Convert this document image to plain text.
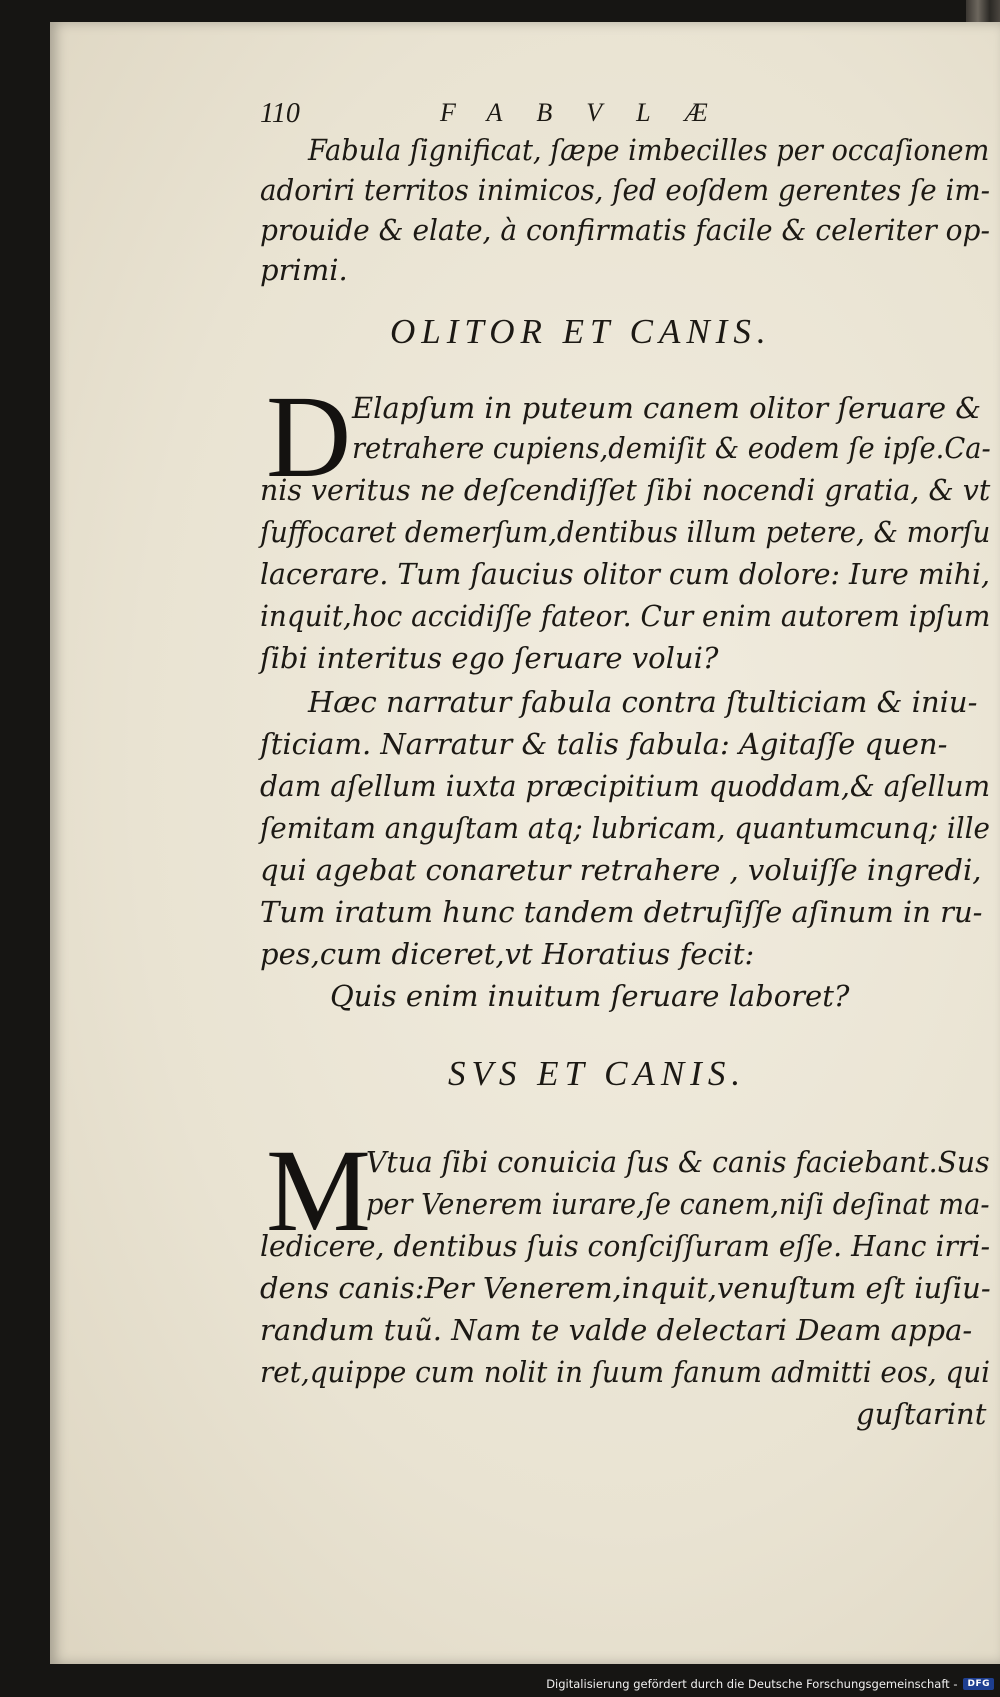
110	FABVLÆ

Fabula ſignificat, ſæpe imbecilles per occaſionem

adoriri territos inimicos, ſed eoſdem gerentes ſe im-

prouide & elate, à confirmatis facile & celeriter op-

primi.

OLITOR ET CANIS.
D Elapſum in puteum canem olitor ſeruare &

retrahere cupiens,demiſit & eodem ſe ipſe.Ca-

nis veritus ne deſcendiſſet ſibi nocendi gratia, & vt

ſuffocaret demerſum,dentibus illum petere, & morſu

lacerare. Tum ſaucius olitor cum dolore: Iure mihi,

inquit,hoc accidiſſe fateor. Cur enim autorem ipſum

ſibi interitus ego ſeruare volui?

Hæc narratur fabula contra ſtulticiam & iniu-

ſticiam. Narratur & talis fabula: Agitaſſe quen-

dam aſellum iuxta præcipitium quoddam,& aſellum

ſemitam anguſtam atq; lubricam, quantumcunq; ille

qui agebat conaretur retrahere , voluiſſe ingredi,

Tum iratum hunc tandem detruſiſſe aſinum in ru-

pes,cum diceret,vt Horatius fecit:

Quis enim inuitum ſeruare laboret?

SVS ET CANIS.
M

Vtua ſibi conuicia ſus & canis faciebant.Sus

per Venerem iurare,ſe canem,niſi deſinat ma-

ledicere, dentibus ſuis conſciſſuram eſſe. Hanc irri-

dens canis:Per Venerem,inquit,venuſtum eſt iuſiu-

randum tuũ. Nam te valde delectari Deam appa-

ret,quippe cum nolit in ſuum fanum admitti eos, qui

guſtarint

Digitalisierung gefördert durch die Deutsche Forschungsgemeinschaft -	DFG
